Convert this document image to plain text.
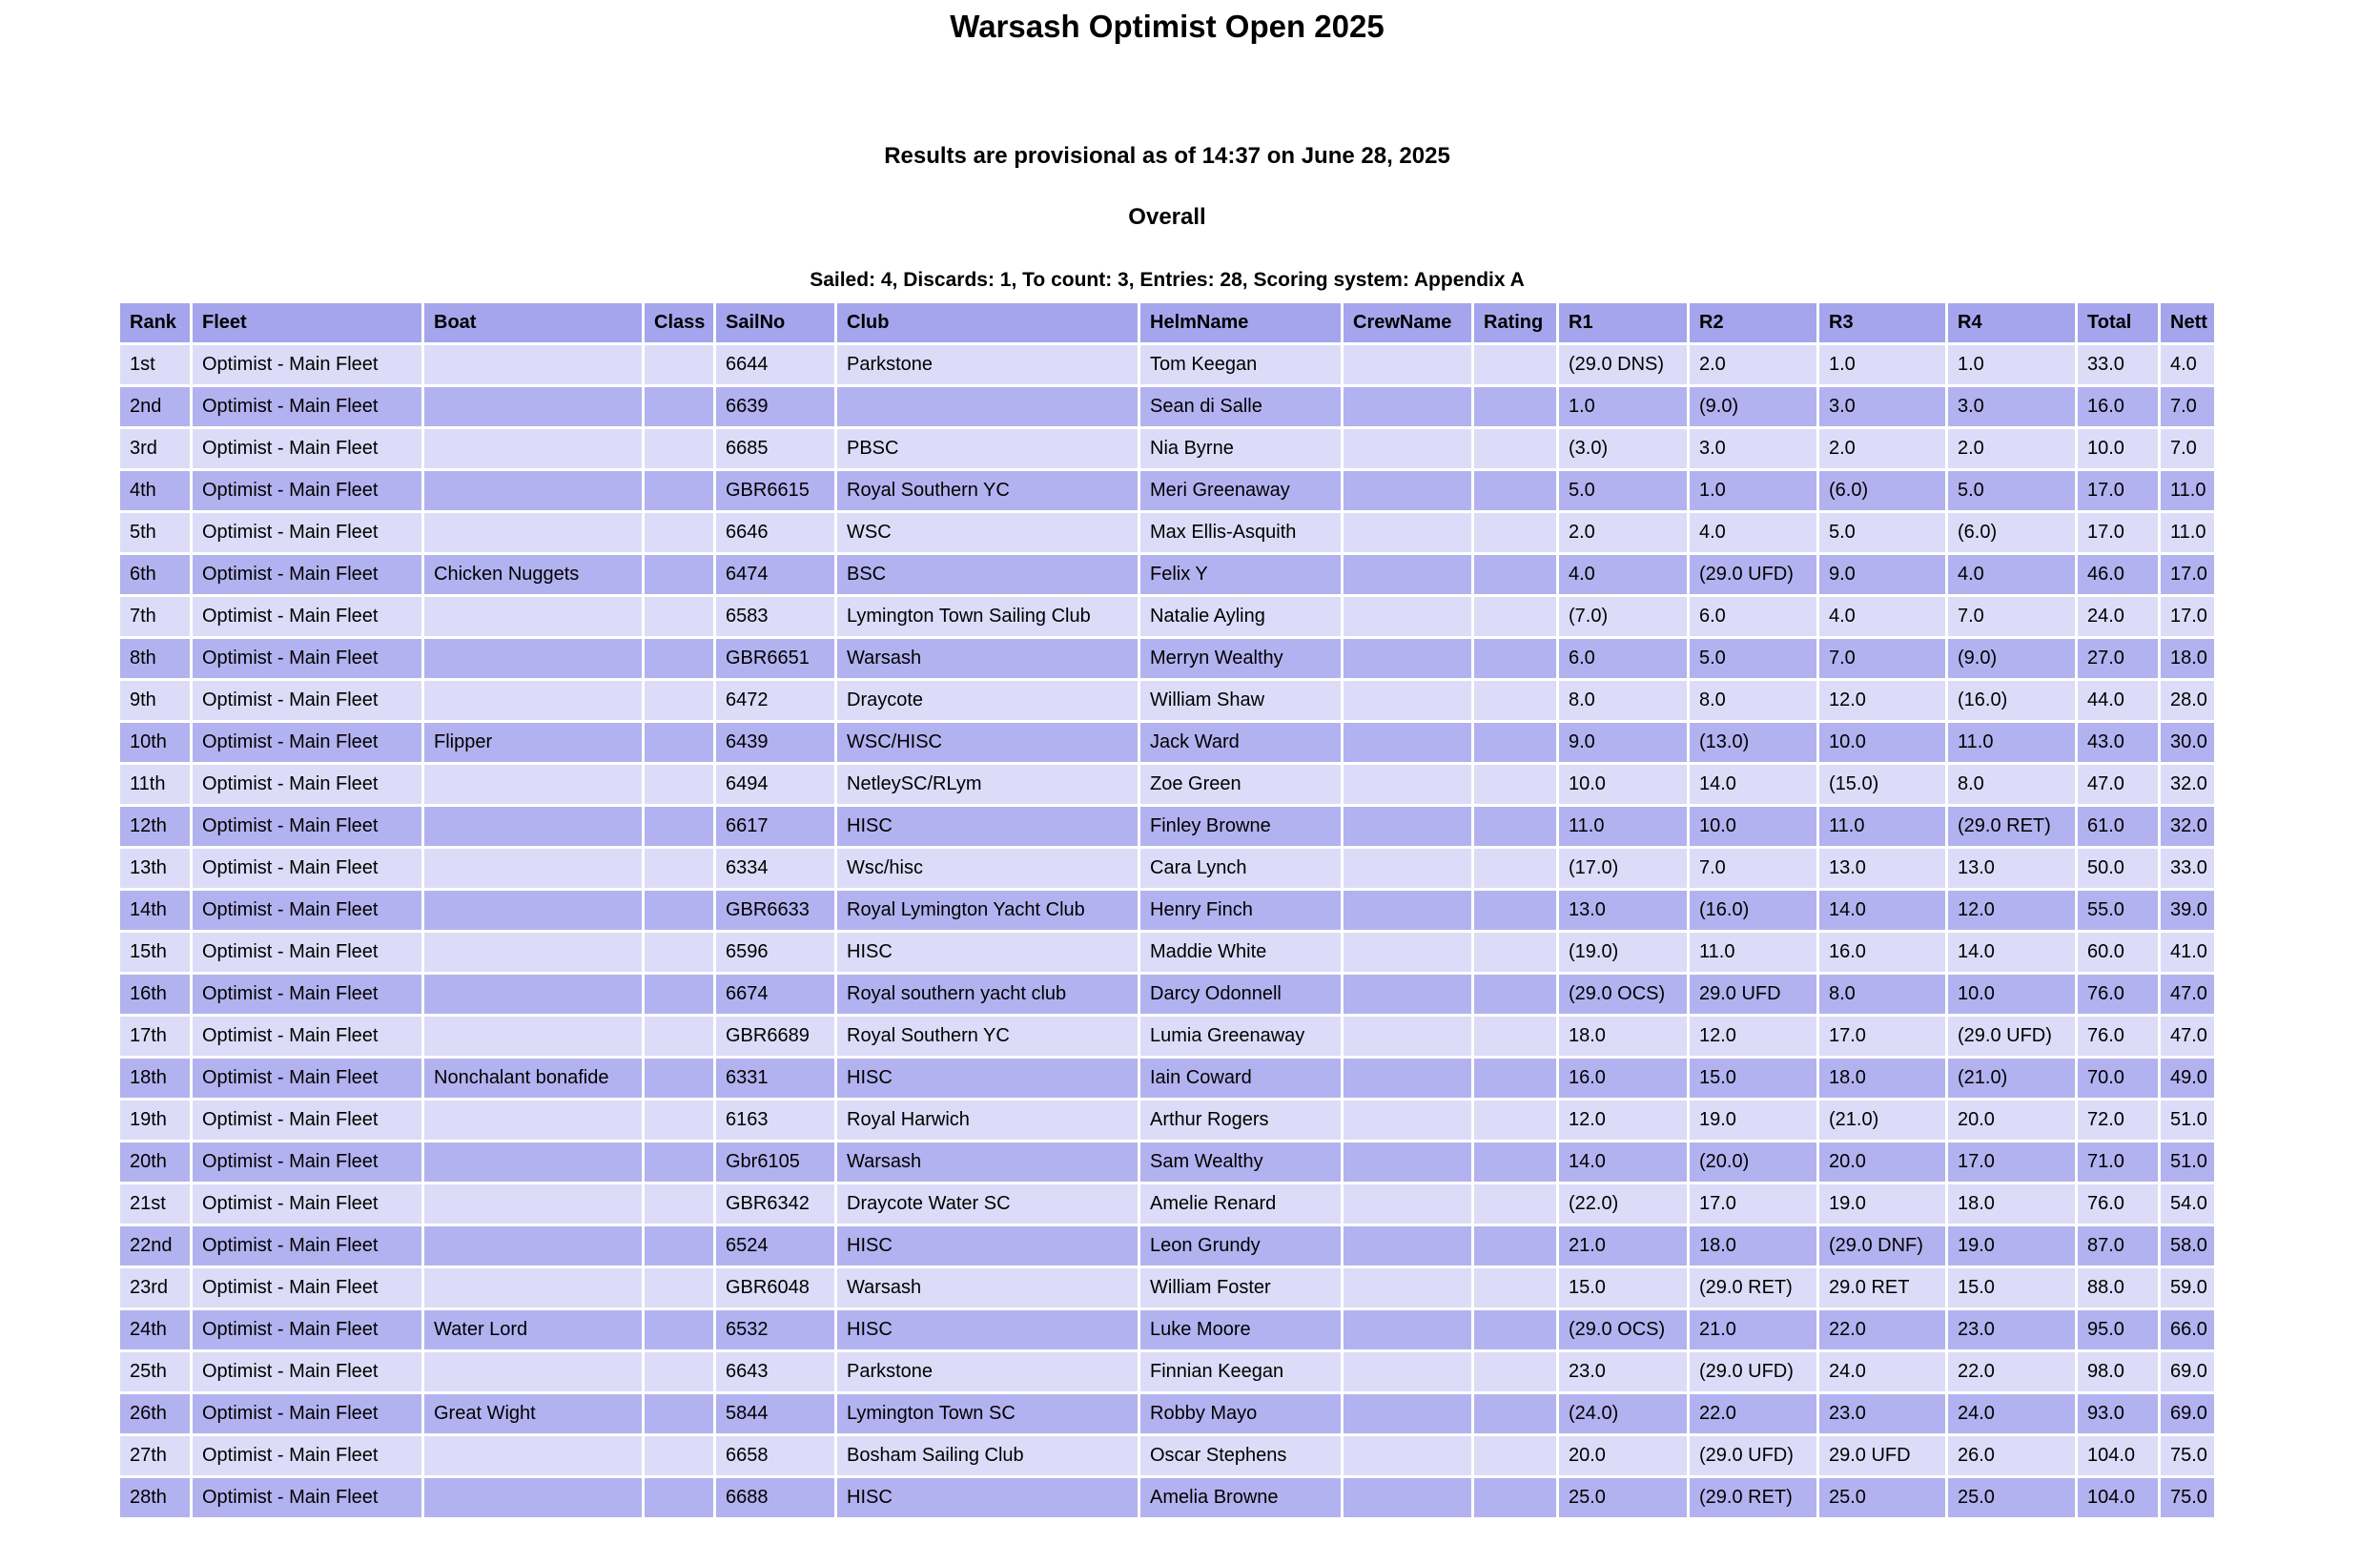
Warsash Optimist Open 2025

Results are provisional as of 14:37 on June 28, 2025

Overall

Sailed: 4, Discards: 1, To count: 3, Entries: 28, Scoring system: Appendix A

Rank	Fleet	Boat	Class	SailNo	Club	HelmName	CrewName	Rating	R1	R2	R3	R4	Total	Nett
1st	Optimist - Main Fleet			6644	Parkstone	Tom Keegan			(29.0 DNS)	2.0	1.0	1.0	33.0	4.0
2nd	Optimist - Main Fleet			6639		Sean di Salle			1.0	(9.0)	3.0	3.0	16.0	7.0
3rd	Optimist - Main Fleet			6685	PBSC	Nia Byrne			(3.0)	3.0	2.0	2.0	10.0	7.0
4th	Optimist - Main Fleet			GBR6615	Royal Southern YC	Meri Greenaway			5.0	1.0	(6.0)	5.0	17.0	11.0
5th	Optimist - Main Fleet			6646	WSC	Max Ellis-Asquith			2.0	4.0	5.0	(6.0)	17.0	11.0
6th	Optimist - Main Fleet	Chicken Nuggets		6474	BSC	Felix Y			4.0	(29.0 UFD)	9.0	4.0	46.0	17.0
7th	Optimist - Main Fleet			6583	Lymington Town Sailing Club	Natalie Ayling			(7.0)	6.0	4.0	7.0	24.0	17.0
8th	Optimist - Main Fleet			GBR6651	Warsash	Merryn Wealthy			6.0	5.0	7.0	(9.0)	27.0	18.0
9th	Optimist - Main Fleet			6472	Draycote	William Shaw			8.0	8.0	12.0	(16.0)	44.0	28.0
10th	Optimist - Main Fleet	Flipper		6439	WSC/HISC	Jack Ward			9.0	(13.0)	10.0	11.0	43.0	30.0
11th	Optimist - Main Fleet			6494	NetleySC/RLym	Zoe Green			10.0	14.0	(15.0)	8.0	47.0	32.0
12th	Optimist - Main Fleet			6617	HISC	Finley Browne			11.0	10.0	11.0	(29.0 RET)	61.0	32.0
13th	Optimist - Main Fleet			6334	Wsc/hisc	Cara Lynch			(17.0)	7.0	13.0	13.0	50.0	33.0
14th	Optimist - Main Fleet			GBR6633	Royal Lymington Yacht Club	Henry Finch			13.0	(16.0)	14.0	12.0	55.0	39.0
15th	Optimist - Main Fleet			6596	HISC	Maddie White			(19.0)	11.0	16.0	14.0	60.0	41.0
16th	Optimist - Main Fleet			6674	Royal southern yacht club	Darcy Odonnell			(29.0 OCS)	29.0 UFD	8.0	10.0	76.0	47.0
17th	Optimist - Main Fleet			GBR6689	Royal Southern YC	Lumia Greenaway			18.0	12.0	17.0	(29.0 UFD)	76.0	47.0
18th	Optimist - Main Fleet	Nonchalant bonafide		6331	HISC	Iain Coward			16.0	15.0	18.0	(21.0)	70.0	49.0
19th	Optimist - Main Fleet			6163	Royal Harwich	Arthur Rogers			12.0	19.0	(21.0)	20.0	72.0	51.0
20th	Optimist - Main Fleet			Gbr6105	Warsash	Sam Wealthy			14.0	(20.0)	20.0	17.0	71.0	51.0
21st	Optimist - Main Fleet			GBR6342	Draycote Water SC	Amelie Renard			(22.0)	17.0	19.0	18.0	76.0	54.0
22nd	Optimist - Main Fleet			6524	HISC	Leon Grundy			21.0	18.0	(29.0 DNF)	19.0	87.0	58.0
23rd	Optimist - Main Fleet			GBR6048	Warsash	William Foster			15.0	(29.0 RET)	29.0 RET	15.0	88.0	59.0
24th	Optimist - Main Fleet	Water Lord		6532	HISC	Luke Moore			(29.0 OCS)	21.0	22.0	23.0	95.0	66.0
25th	Optimist - Main Fleet			6643	Parkstone	Finnian Keegan			23.0	(29.0 UFD)	24.0	22.0	98.0	69.0
26th	Optimist - Main Fleet	Great Wight		5844	Lymington Town SC	Robby Mayo			(24.0)	22.0	23.0	24.0	93.0	69.0
27th	Optimist - Main Fleet			6658	Bosham Sailing Club	Oscar Stephens			20.0	(29.0 UFD)	29.0 UFD	26.0	104.0	75.0
28th	Optimist - Main Fleet			6688	HISC	Amelia Browne			25.0	(29.0 RET)	25.0	25.0	104.0	75.0
